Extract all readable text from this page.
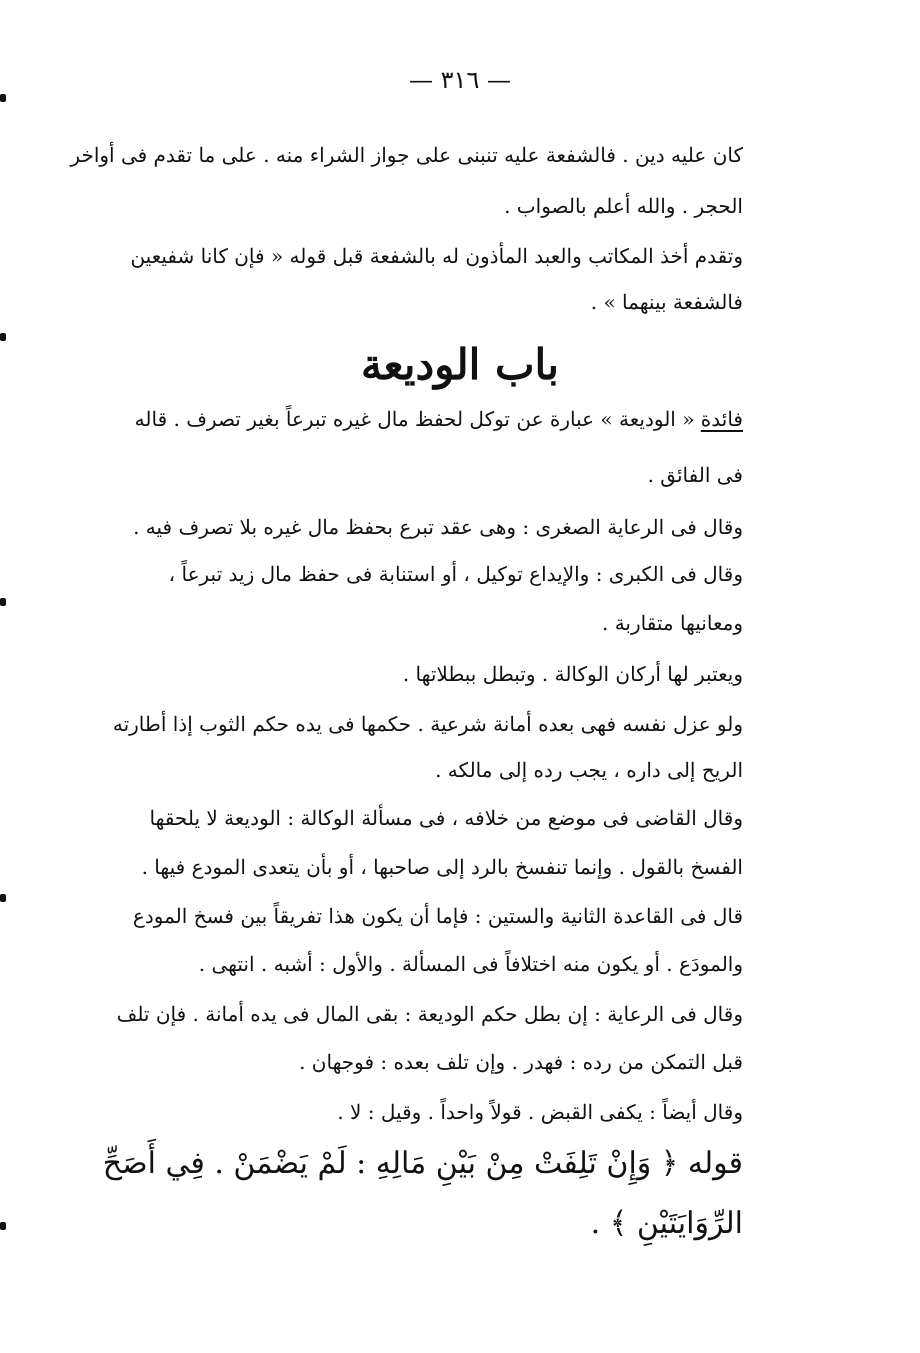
— ٣١٦ —
كان عليه دين . فالشفعة عليه تنبنى على جواز الشراء منه . على ما تقدم فى أواخر
الحجر . والله أعلم بالصواب .
وتقدم أخذ المكاتب والعبد المأذون له بالشفعة قبل قوله « فإن كانا شفيعين
فالشفعة بينهما » .
باب الوديعة
فائدة « الوديعة » عبارة عن توكل لحفظ مال غيره تبرعاً بغير تصرف . قاله
فى الفائق .
وقال فى الرعاية الصغرى : وهى عقد تبرع بحفظ مال غيره بلا تصرف فيه .
وقال فى الكبرى : والإيداع توكيل ، أو استنابة فى حفظ مال زيد تبرعاً ،
ومعانيها متقاربة .
ويعتبر لها أركان الوكالة . وتبطل ببطلاتها .
ولو عزل نفسه فهى بعده أمانة شرعية . حكمها فى يده حكم الثوب إذا أطارته
الريح إلى داره ، يجب رده إلى مالكه .
وقال القاضى فى موضع من خلافه ، فى مسألة الوكالة : الوديعة لا يلحقها
الفسخ بالقول . وإنما تنفسخ بالرد إلى صاحبها ، أو بأن يتعدى المودع فيها .
قال فى القاعدة الثانية والستين : فإما أن يكون هذا تفريقاً بين فسخ المودع
والمودَع . أو يكون منه اختلافاً فى المسألة . والأول : أشبه . انتهى .
وقال فى الرعاية : إن بطل حكم الوديعة : بقى المال فى يده أمانة . فإن تلف
قبل التمكن من رده : فهدر . وإن تلف بعده : فوجهان .
وقال أيضاً : يكفى القبض . قولاً واحداً . وقيل : لا .
قوله ﴿ وَإِنْ تَلِفَتْ مِنْ بَيْنِ مَالِهِ : لَمْ يَضْمَنْ . فِي أَصَحِّ
الرِّوَايَتَيْنِ ﴾ .
